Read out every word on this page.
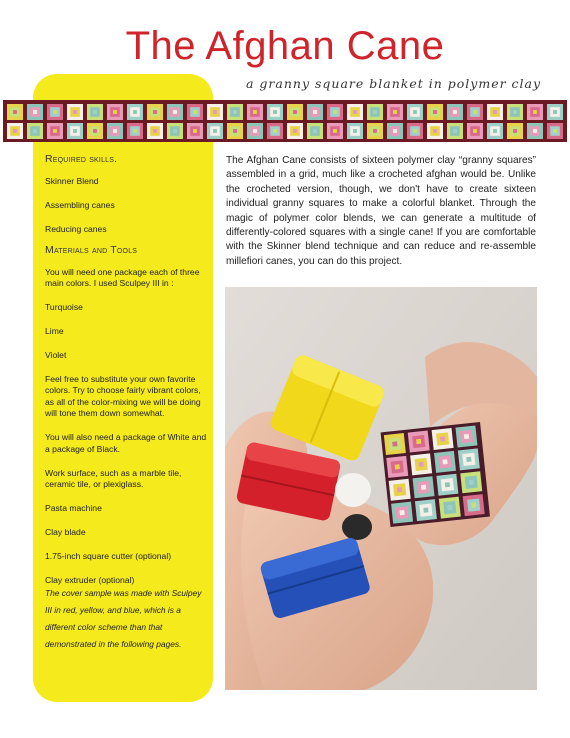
The Afghan Cane
a granny square blanket in polymer clay
Required skills.
Skinner Blend
Assembling canes
Reducing canes
Materials and Tools
You will need one package each of three main colors. I used Sculpey III in :
Turquoise
Lime
Violet
Feel free to substitute your own favorite colors. Try to choose fairly vibrant colors, as all of the color-mixing we will be doing will tone them down somewhat.
You will also need a package of White and a package of Black.
Work surface, such as a marble tile, ceramic tile, or plexiglass.
Pasta machine
Clay blade
1.75-inch square cutter (optional)
Clay extruder (optional)
The cover sample was made with Sculpey III in red, yellow, and blue, which is a different color scheme than that demonstrated in the following pages.
The Afghan Cane consists of sixteen polymer clay “granny squares” assembled in a grid, much like a crocheted afghan would be. Unlike the crocheted version, though, we don't have to create sixteen individual granny squares to make a colorful blanket. Through the magic of polymer color blends, we can generate a multitude of differently-colored squares with a single cane! If you are comfortable with the Skinner blend technique and can reduce and re-assemble millefiori canes, you can do this project.
